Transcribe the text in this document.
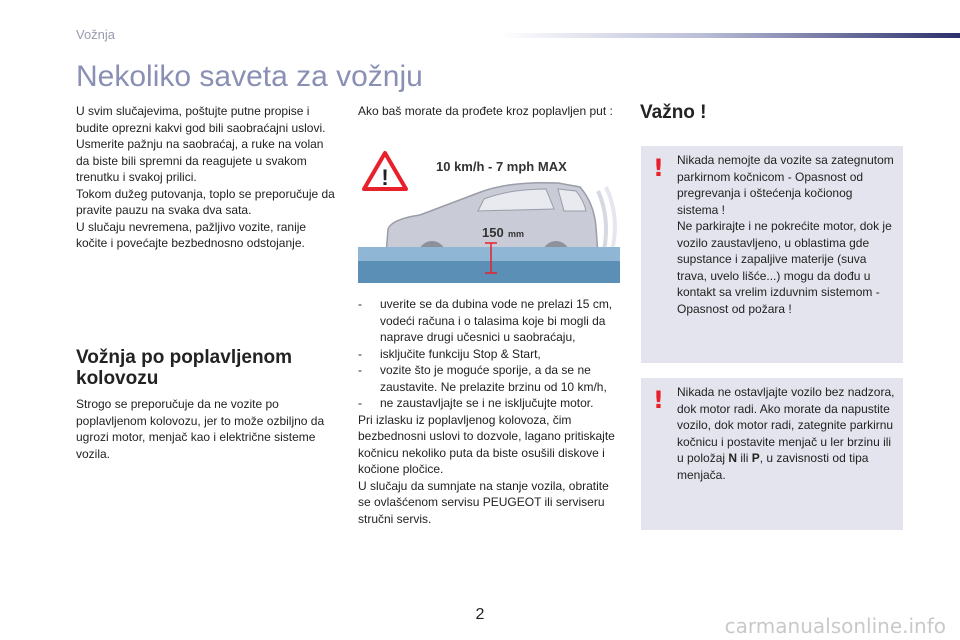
Vožnja
Nekoliko saveta za vožnju

U svim slučajevima, poštujte putne propise i budite oprezni kakvi god bili saobraćajni uslovi.

Usmerite pažnju na saobraćaj, a ruke na volan da biste bili spremni da reagujete u svakom trenutku i svakoj prilici.

Tokom dužeg putovanja, toplo se preporučuje da pravite pauzu na svaka dva sata.

U slučaju nevremena, pažljivo vozite, ranije kočite i povećajte bezbednosno odstojanje.

Vožnja po poplavljenom kolovozu

Strogo se preporučuje da ne vozite po poplavljenom kolovozu, jer to može ozbiljno da ugrozi motor, menjač kao i električne sisteme vozila.

Ako baš morate da prođete kroz poplavljen put :

!	10 km/h - 7 mph MAX
150 mm
-	uverite se da dubina vode ne prelazi 15 cm, vodeći računa i o talasima koje bi mogli da naprave drugi učesnici u saobraćaju,
-	isključite funkciju Stop & Start,
-	vozite što je moguće sporije, a da se ne zaustavite. Ne prelazite brzinu od 10 km/h,
-	ne zaustavljajte se i ne isključujte motor.

Pri izlasku iz poplavljenog kolovoza, čim bezbednosni uslovi to dozvole, lagano pritiskajte kočnicu nekoliko puta da biste osušili diskove i kočione pločice.

U slučaju da sumnjate na stanje vozila, obratite se ovlašćenom servisu PEUGEOT ili serviseru stručni servis.

Važno !
! Nikada nemojte da vozite sa zategnutom parkirnom kočnicom - Opasnost od pregrevanja i oštećenja kočionog sistema !
Ne parkirajte i ne pokrećite motor, dok je vozilo zaustavljeno, u oblastima gde supstance i zapaljive materije (suva trava, uvelo lišće...) mogu da dođu u kontakt sa vrelim izduvnim sistemom - Opasnost od požara !
! Nikada ne ostavljajte vozilo bez nadzora, dok motor radi. Ako morate da napustite vozilo, dok motor radi, zategnite parkirnu kočnicu i postavite menjač u ler brzinu ili u položaj N ili P, u zavisnosti od tipa menjača.
2	carmanualsonline.info
